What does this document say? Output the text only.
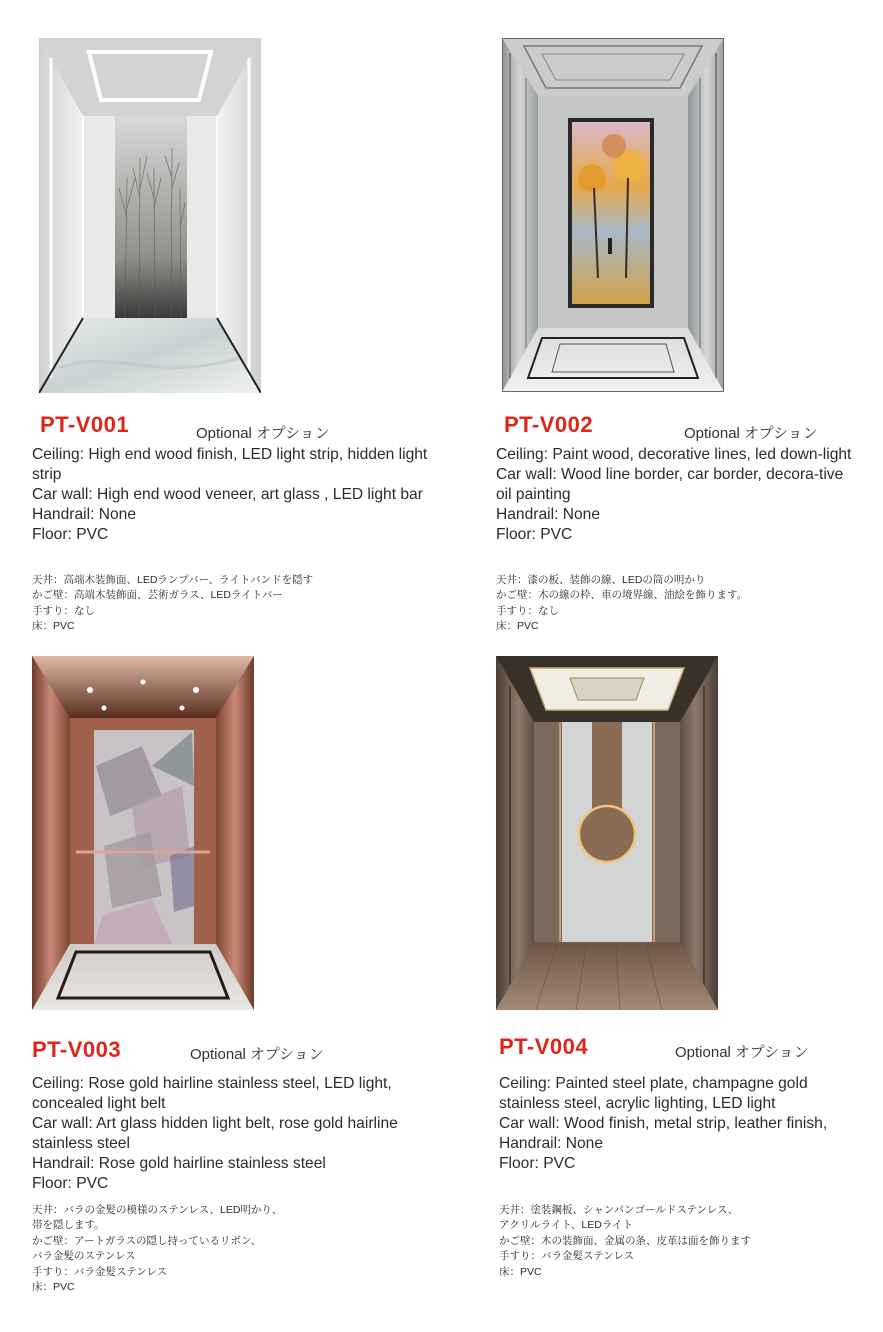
PT-V001	Optional オプション
Ceiling: High end wood finish, LED light strip, hidden light strip
Car wall: High end wood veneer, art glass , LED light bar
Handrail: None
Floor: PVC
天井：高端木装飾面、LEDランプバー、ライトバンドを隠す
かご壁：高端木装飾面、芸術ガラス、LEDライトバー
手すり：なし
床：PVC
PT-V002	Optional オプション
Ceiling: Paint wood, decorative lines, led down-light
Car wall: Wood line border, car border, decora-tive oil painting
Handrail: None
Floor: PVC
天井：漆の板、装飾の線、LEDの筒の明かり
かご壁：木の線の枠、車の境界線、油絵を飾ります。
手すり：なし
床：PVC
PT-V003	Optional オプション
Ceiling: Rose gold hairline stainless steel, LED light, concealed light belt
Car wall: Art glass hidden light belt, rose gold hairline stainless steel
Handrail: Rose gold hairline stainless steel
Floor: PVC
天井：バラの金髪の模様のステンレス、LED明かり、
帯を隠します。
かご壁：アートガラスの隠し持っているリボン、
バラ金髪のステンレス
手すり：バラ金髪ステンレス
床：PVC
PT-V004	Optional オプション
Ceiling: Painted steel plate, champagne gold stainless steel, acrylic lighting, LED light
Car wall: Wood finish, metal strip, leather finish,
Handrail: None
Floor: PVC
天井：塗装鋼板、シャンパンゴールドステンレス、
アクリルライト、LEDライト
かご壁：木の装飾面、金属の条、皮革は面を飾ります
手すり：バラ金髪ステンレス
床：PVC
